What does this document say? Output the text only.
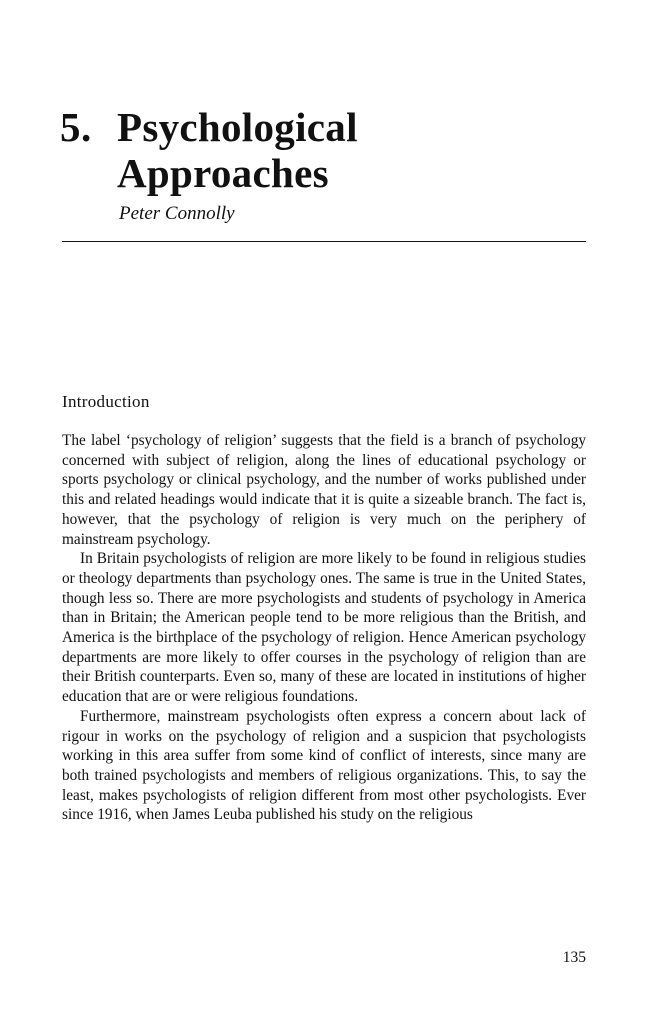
5. Psychological
Approaches
Peter Connolly
Introduction

The label ‘psychology of religion’ suggests that the field is a branch of psychology concerned with subject of religion, along the lines of educational psychology or sports psychology or clinical psychology, and the number of works published under this and related headings would indicate that it is quite a sizeable branch. The fact is, however, that the psychology of religion is very much on the periphery of mainstream psychology.

In Britain psychologists of religion are more likely to be found in religious studies or theology departments than psychology ones. The same is true in the United States, though less so. There are more psychologists and students of psychology in America than in Britain; the American people tend to be more religious than the British, and America is the birthplace of the psychology of religion. Hence American psychology departments are more likely to offer courses in the psychology of religion than are their British counterparts. Even so, many of these are located in institutions of higher education that are or were religious foundations.

Furthermore, mainstream psychologists often express a concern about lack of rigour in works on the psychology of religion and a suspicion that psychologists working in this area suffer from some kind of conflict of interests, since many are both trained psychologists and members of religious organizations. This, to say the least, makes psychologists of religion different from most other psychologists. Ever since 1916, when James Leuba published his study on the religious

135
